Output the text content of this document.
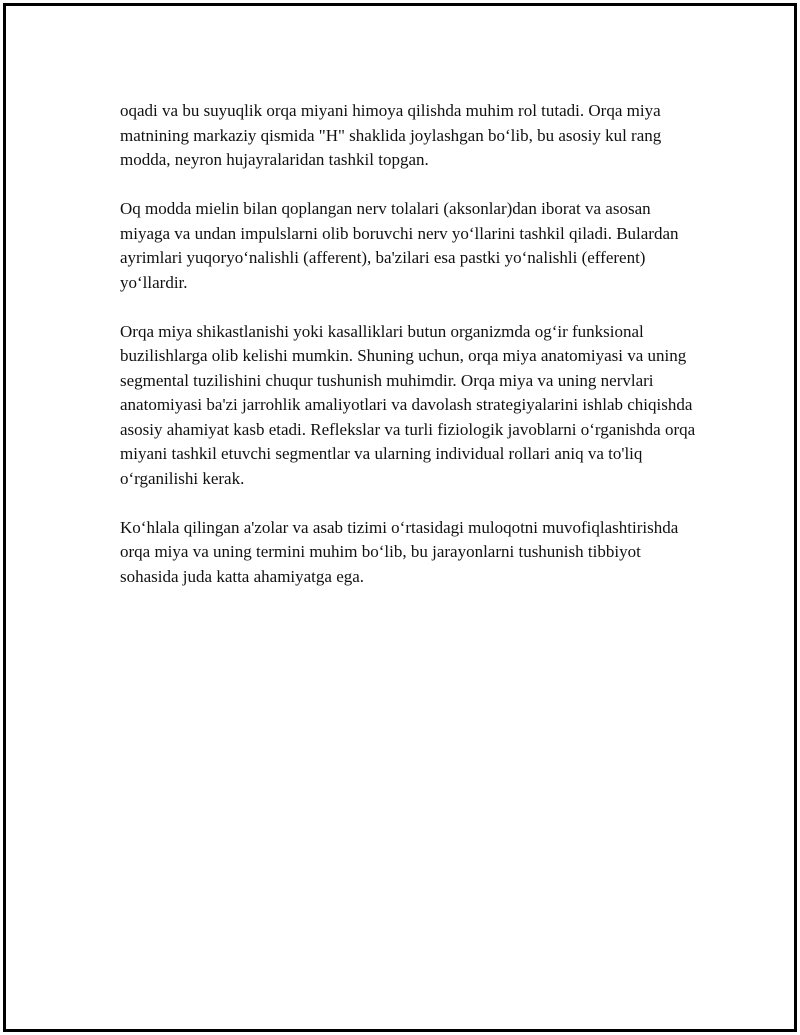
oqadi va bu suyuqlik orqa miyani himoya qilishda muhim rol tutadi. Orqa miya matnining markaziy qismida "H" shaklida joylashgan bo‘lib, bu asosiy kul rang modda, neyron hujayralaridan tashkil topgan.

Oq modda mielin bilan qoplangan nerv tolalari (aksonlar)dan iborat va asosan miyaga va undan impulslarni olib boruvchi nerv yo‘llarini tashkil qiladi. Bulardan ayrimlari yuqoryo‘nalishli (afferent), ba'zilari esa pastki yo‘nalishli (efferent) yo‘llardir.

Orqa miya shikastlanishi yoki kasalliklari butun organizmda og‘ir funksional buzilishlarga olib kelishi mumkin. Shuning uchun, orqa miya anatomiyasi va uning segmental tuzilishini chuqur tushunish muhimdir. Orqa miya va uning nervlari anatomiyasi ba'zi jarrohlik amaliyotlari va davolash strategiyalarini ishlab chiqishda asosiy ahamiyat kasb etadi. Reflekslar va turli fiziologik javoblarni o‘rganishda orqa miyani tashkil etuvchi segmentlar va ularning individual rollari aniq va to'liq o‘rganilishi kerak.

Ko‘hlala qilingan a'zolar va asab tizimi o‘rtasidagi muloqotni muvofiqlashtirishda orqa miya va uning termini muhim bo‘lib, bu jarayonlarni tushunish tibbiyot sohasida juda katta ahamiyatga ega.
